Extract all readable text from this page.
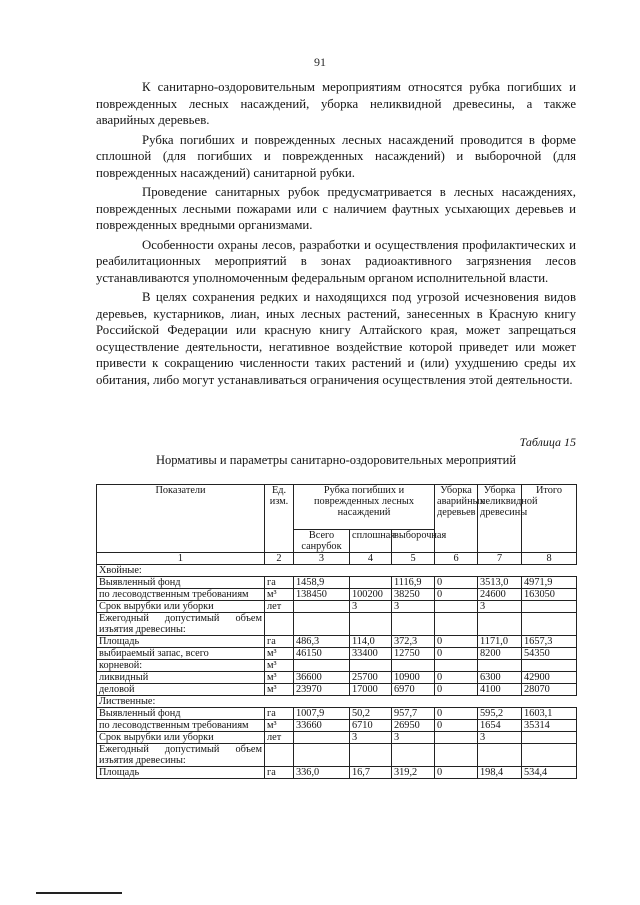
91

К санитарно-оздоровительным мероприятиям относятся рубка погибших и поврежденных лесных насаждений, уборка неликвидной древесины, а также аварийных деревьев.

Рубка погибших и поврежденных лесных насаждений проводится в форме сплошной (для погибших и поврежденных насаждений) и выборочной (для поврежденных насаждений) санитарной рубки.

Проведение санитарных рубок предусматривается в лесных насаждениях, поврежденных лесными пожарами или с наличием фаутных усыхающих деревьев и поврежденных вредными организмами.

Особенности охраны лесов, разработки и осуществления профилактических и реабилитационных мероприятий в зонах радиоактивного загрязнения лесов устанавливаются уполномоченным федеральным органом исполнительной власти.

В целях сохранения редких и находящихся под угрозой исчезновения видов деревьев, кустарников, лиан, иных лесных растений, занесенных в Красную книгу Российской Федерации или красную книгу Алтайского края, может запрещаться осуществление деятельности, негативное воздействие которой приведет или может привести к сокращению численности таких растений и (или) ухудшению среды их обитания, либо могут устанавливаться ограничения осуществления этой деятельности.

Таблица 15
Нормативы и параметры санитарно-оздоровительных мероприятий
Показатели	Ед. изм.	Рубка погибших и поврежденных лесных насаждений			Уборка аварийных деревьев	Уборка неликвидной древесины	Итого
		Всего санрубок	сплошная	выборочная			
1	2	3	4	5	6	7	8
Хвойные:							
Выявленный фонд	га	1458,9		1116,9	0	3513,0	4971,9
по лесоводственным требованиям	м³	138450	100200	38250	0	24600	163050
Срок вырубки или уборки	лет		3	3		3	
Ежегодный допустимый объем изъятия древесины:							
Площадь	га	486,3	114,0	372,3	0	1171,0	1657,3
выбираемый запас, всего	м³	46150	33400	12750	0	8200	54350
корневой:	м³						
ликвидный	м³	36600	25700	10900	0	6300	42900
деловой	м³	23970	17000	6970	0	4100	28070
Лиственные:							
Выявленный фонд	га	1007,9	50,2	957,7	0	595,2	1603,1
по лесоводственным требованиям	м³	33660	6710	26950	0	1654	35314
Срок вырубки или уборки	лет		3	3		3	
Ежегодный допустимый объем изъятия древесины:							
Площадь	га	336,0	16,7	319,2	0	198,4	534,4
